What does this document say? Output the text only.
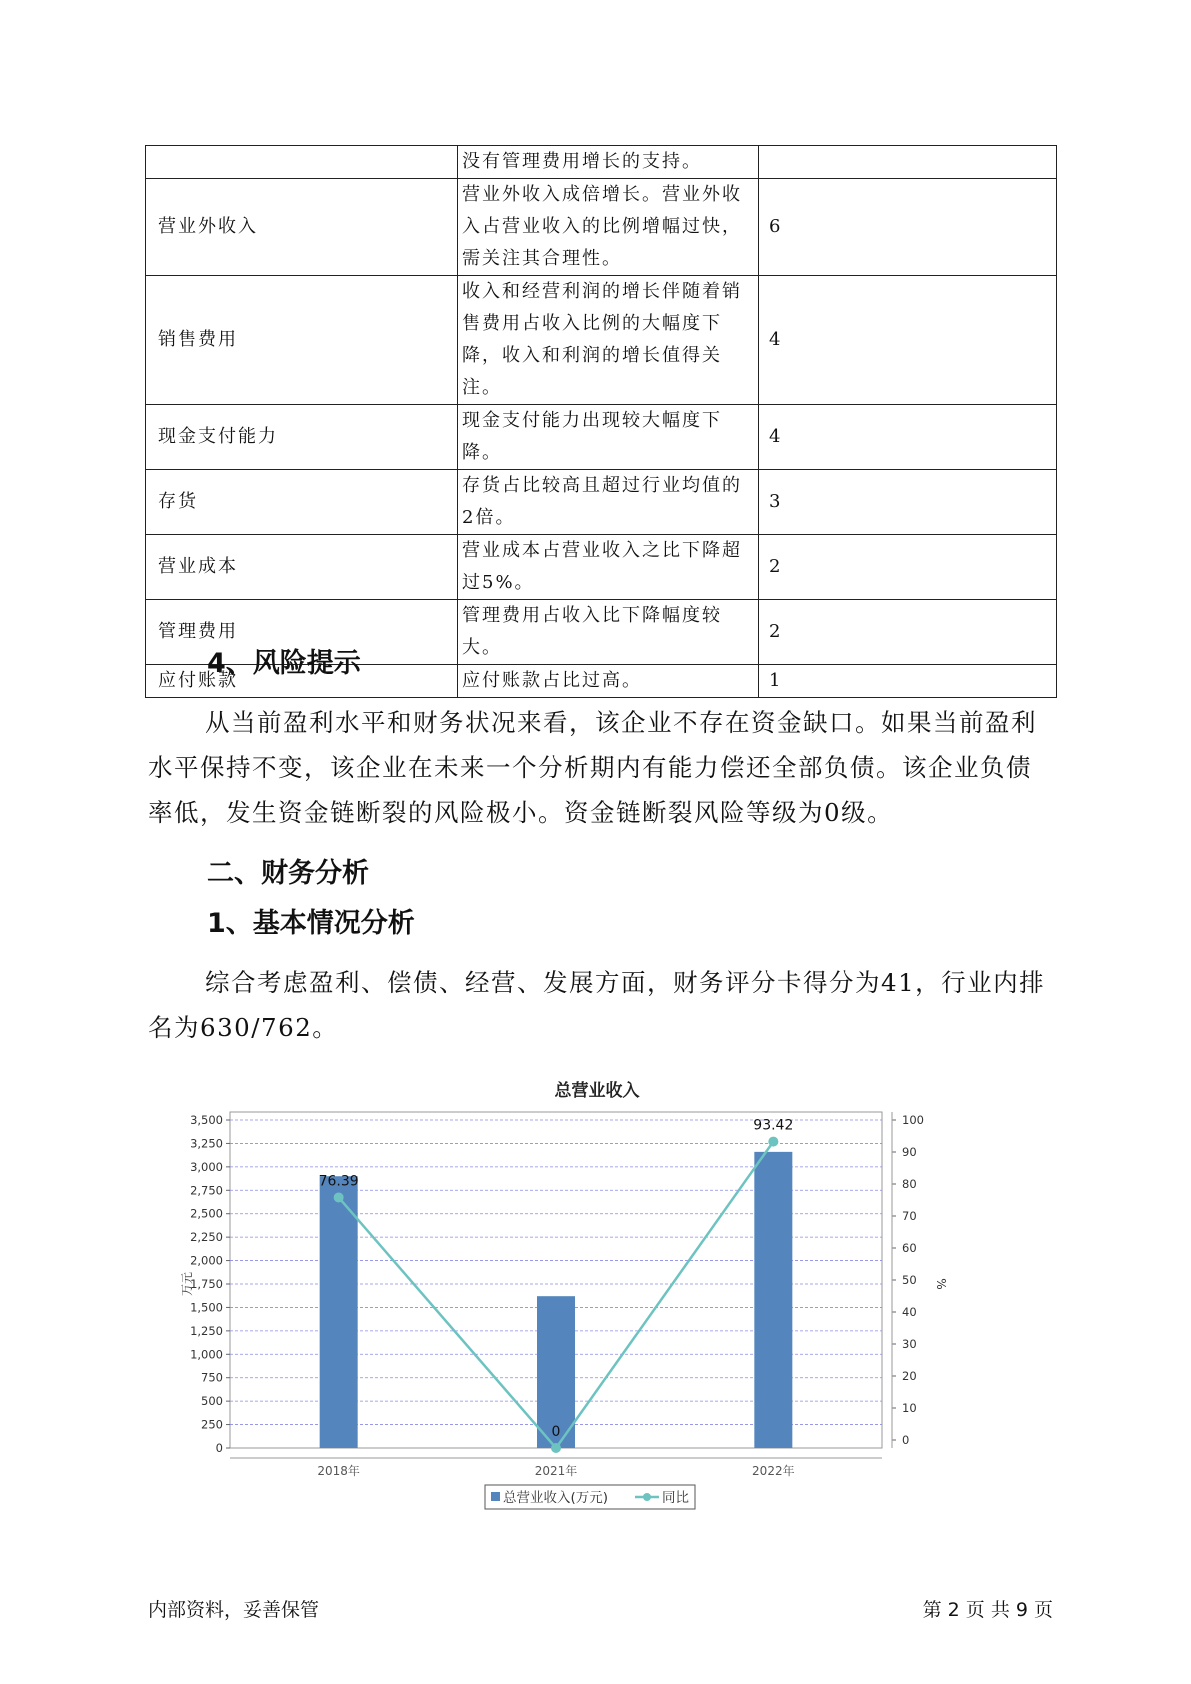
	没有管理费用增长的支持。	
营业外收入	营业外收入成倍增长。营业外收入占营业收入的比例增幅过快，需关注其合理性。	6
销售费用	收入和经营利润的增长伴随着销售费用占收入比例的大幅度下降，收入和利润的增长值得关注。	4
现金支付能力	现金支付能力出现较大幅度下降。	4
存货	存货占比较高且超过行业均值的2倍。	3
营业成本	营业成本占营业收入之比下降超过5%。	2
管理费用	管理费用占收入比下降幅度较大。	2
应付账款	应付账款占比过高。	1
4、风险提示

从当前盈利水平和财务状况来看，该企业不存在资金缺口。如果当前盈利水平保持不变，该企业在未来一个分析期内有能力偿还全部负债。该企业负债率低，发生资金链断裂的风险极小。资金链断裂风险等级为0级。

二、财务分析
1、基本情况分析

综合考虑盈利、偿债、经营、发展方面，财务评分卡得分为41，行业内排名为630/762。

总营业收入
0
250
500
750
1,000
1,250
1,500
1,750
2,000
2,250
2,500
2,750
3,000
3,250
3,500
0
10
20
30
40
50
60
70
80
90
100
万元	%
2018年	2021年	2022年
76.39
0
93.42
总营业收入(万元)	同比
内部资料，妥善保管	第 2 页 共 9 页
